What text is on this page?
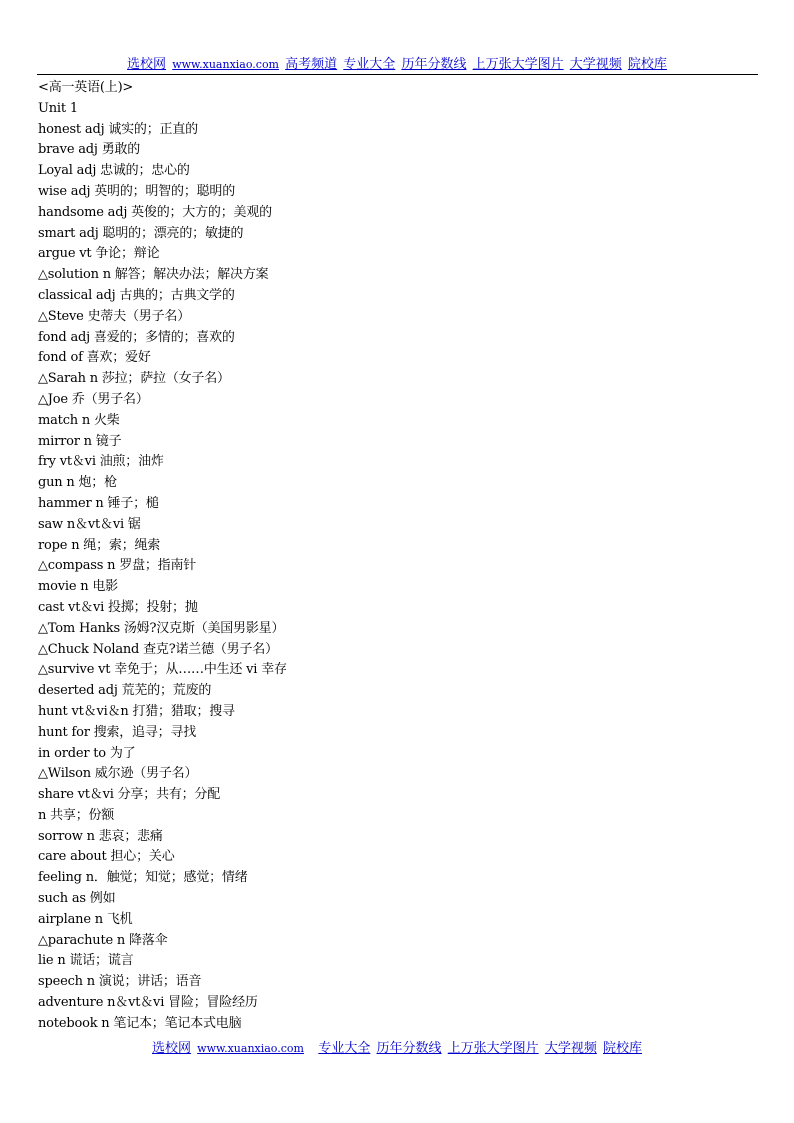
选校网 www.xuanxiao.com 高考频道 专业大全 历年分数线 上万张大学图片 大学视频 院校库
<高一英语(上)>
Unit 1
honest adj 诚实的；正直的
brave adj 勇敢的
Loyal adj 忠诚的；忠心的
wise adj 英明的；明智的；聪明的
handsome adj 英俊的；大方的；美观的
smart adj 聪明的；漂亮的；敏捷的
argue vt 争论；辩论
△solution n 解答；解决办法；解决方案
classical adj 古典的；古典文学的
△Steve 史蒂夫（男子名）
fond adj 喜爱的；多情的；喜欢的
fond of 喜欢；爱好
△Sarah n 莎拉；萨拉（女子名）
△Joe 乔（男子名）
match n 火柴
mirror n 镜子
fry vt＆vi 油煎；油炸
gun n 炮；枪
hammer n 锤子；槌
saw n＆vt＆vi 锯
rope n 绳；索；绳索
△compass n 罗盘；指南针
movie n 电影
cast vt＆vi 投掷；投射；抛
△Tom Hanks 汤姆?汉克斯（美国男影星）
△Chuck Noland 查克?诺兰德（男子名）
△survive vt 幸免于；从……中生还 vi 幸存
deserted adj 荒芜的；荒废的
hunt vt＆vi＆n 打猎；猎取；搜寻
hunt for 搜索，追寻；寻找
in order to 为了
△Wilson 威尔逊（男子名）
share vt＆vi 分享；共有；分配
n 共享；份额
sorrow n 悲哀；悲痛
care about 担心；关心
feeling n．触觉；知觉；感觉；情绪
such as 例如
airplane n 飞机
△parachute n 降落伞
lie n 谎话；谎言
speech n 演说；讲话；语音
adventure n＆vt＆vi 冒险；冒险经历
notebook n 笔记本；笔记本式电脑
选校网 www.xuanxiao.com 专业大全 历年分数线 上万张大学图片 大学视频 院校库
